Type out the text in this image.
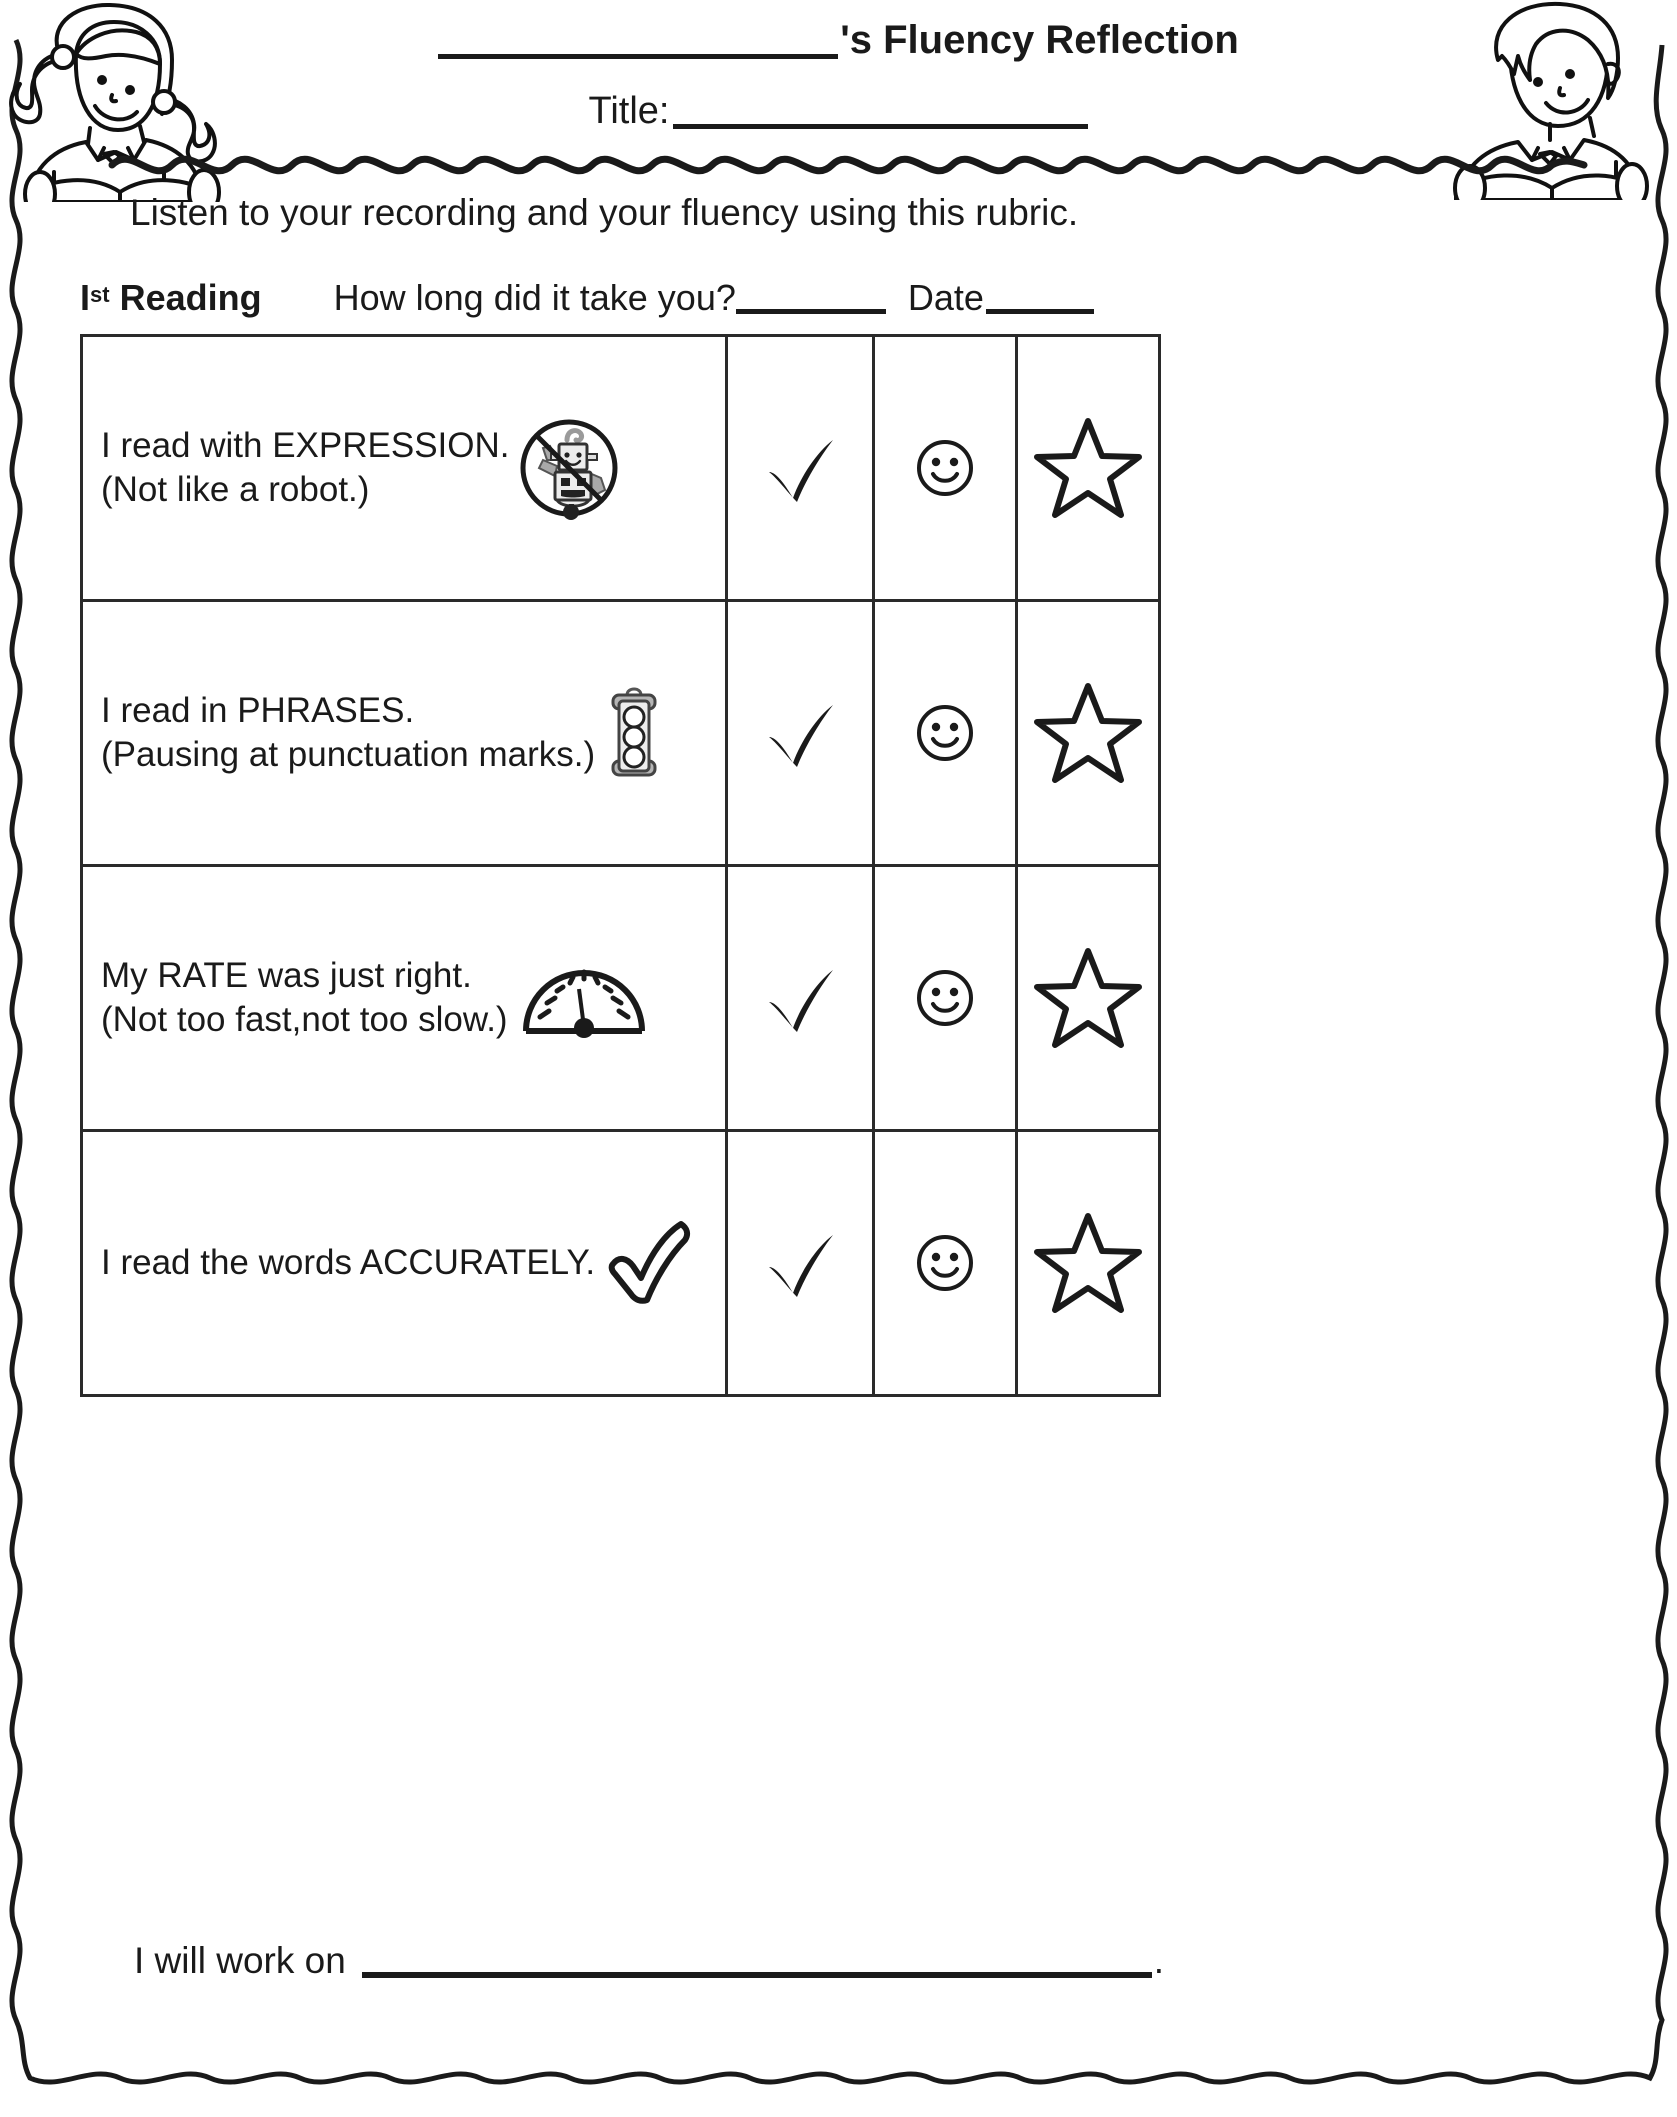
's Fluency Reflection
Title:
Listen to your recording and your fluency using this rubric.
Ist Reading How long did it take you?	Date
I read with EXPRESSION.
(Not like a robot.)

I read in PHRASES.
(Pausing at punctuation marks.)

My RATE was just right.
(Not too fast,not too slow.)

I read the words ACCURATELY.

I will work on	.
